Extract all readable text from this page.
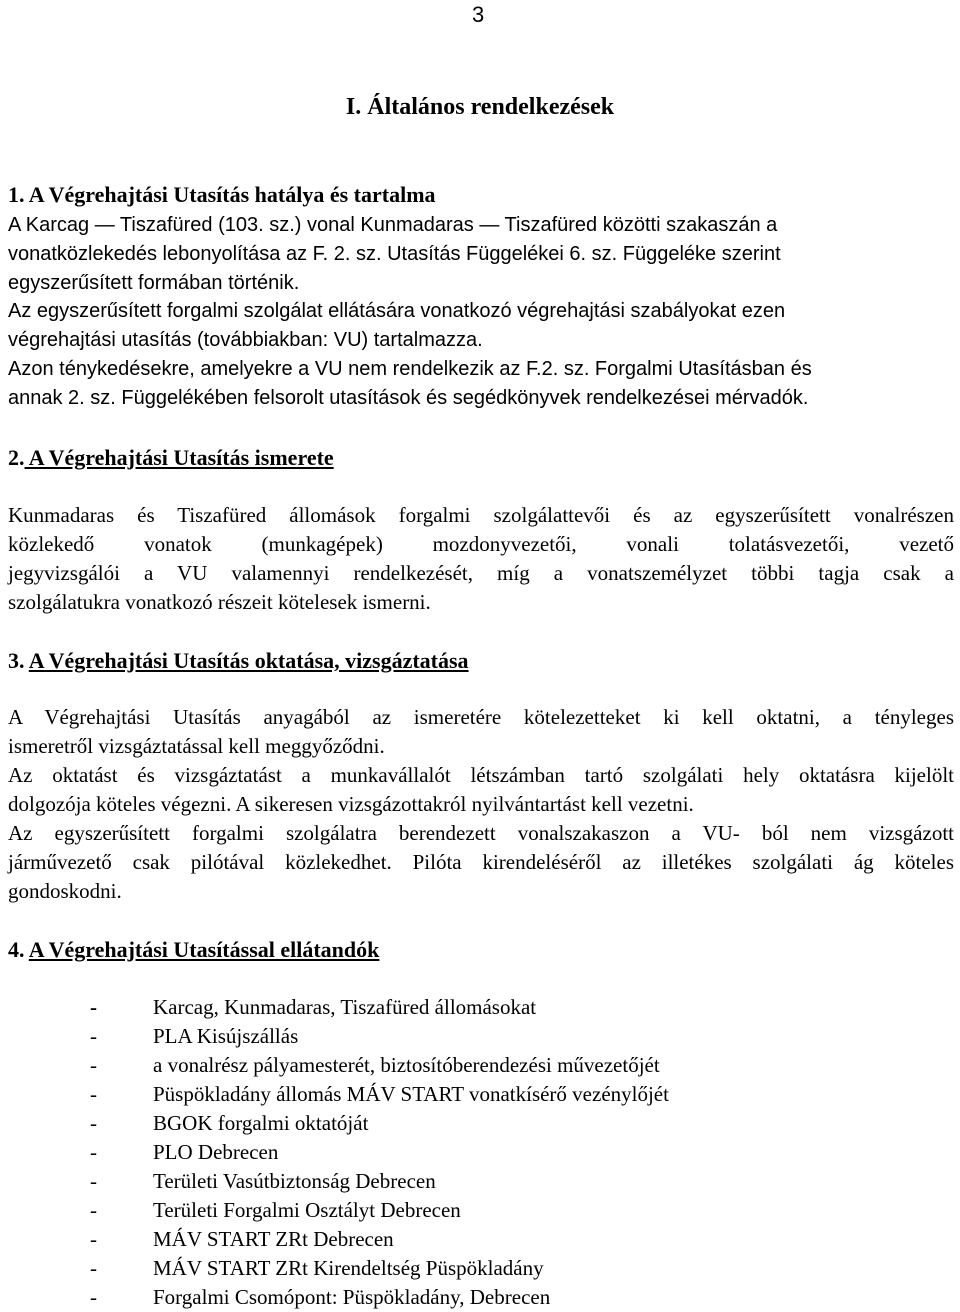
3
I. Általános rendelkezések
1. A Végrehajtási Utasítás hatálya és tartalma
A Karcag — Tiszafüred (103. sz.) vonal Kunmadaras — Tiszafüred közötti szakaszán a
vonatközlekedés lebonyolítása az F. 2. sz. Utasítás Függelékei 6. sz. Függeléke szerint
egyszerűsített formában történik.
Az egyszerűsített forgalmi szolgálat ellátására vonatkozó végrehajtási szabályokat ezen
végrehajtási utasítás (továbbiakban: VU) tartalmazza.
Azon ténykedésekre, amelyekre a VU nem rendelkezik az F.2. sz. Forgalmi Utasításban és
annak 2. sz. Függelékében felsorolt utasítások és segédkönyvek rendelkezései mérvadók.
2. A Végrehajtási Utasítás ismerete
Kunmadaras és Tiszafüred állomások forgalmi szolgálattevői és az egyszerűsített vonalrészen
közlekedő vonatok (munkagépek) mozdonyvezetői, vonali tolatásvezetői, vezető
jegyvizsgálói a VU valamennyi rendelkezését, míg a vonatszemélyzet többi tagja csak a
szolgálatukra vonatkozó részeit kötelesek ismerni.
3. A Végrehajtási Utasítás oktatása, vizsgáztatása
A Végrehajtási Utasítás anyagából az ismeretére kötelezetteket ki kell oktatni, a tényleges
ismeretről vizsgáztatással kell meggyőződni.
Az oktatást és vizsgáztatást a munkavállalót létszámban tartó szolgálati hely oktatásra kijelölt
dolgozója köteles végezni. A sikeresen vizsgázottakról nyilvántartást kell vezetni.
Az egyszerűsített forgalmi szolgálatra berendezett vonalszakaszon a VU- ból nem vizsgázott
járművezető csak pilótával közlekedhet. Pilóta kirendeléséről az illetékes szolgálati ág köteles
gondoskodni.
4. A Végrehajtási Utasítással ellátandók
-	Karcag, Kunmadaras, Tiszafüred állomásokat
-	PLA Kisújszállás
-	a vonalrész pályamesterét, biztosítóberendezési művezetőjét
-	Püspökladány állomás MÁV START vonatkísérő vezénylőjét
-	BGOK forgalmi oktatóját
-	PLO Debrecen
-	Területi Vasútbiztonság Debrecen
-	Területi Forgalmi Osztályt Debrecen
-	MÁV START ZRt Debrecen
-	MÁV START ZRt Kirendeltség Püspökladány
-	Forgalmi Csomópont: Püspökladány, Debrecen
